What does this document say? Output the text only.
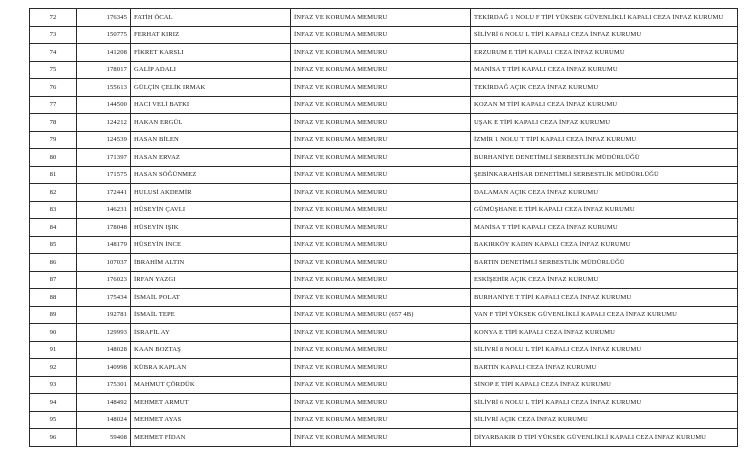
72	176345	FATİH ÖCAL	İNFAZ VE KORUMA MEMURU	TEKİRDAĞ 1 NOLU F TİPİ YÜKSEK GÜVENLİKLİ KAPALI CEZA İNFAZ KURUMU
73	150775	FERHAT KIRIZ	İNFAZ VE KORUMA MEMURU	SİLİVRİ 6 NOLU L TİPİ KAPALI CEZA İNFAZ KURUMU
74	141208	FİKRET KARSLI	İNFAZ VE KORUMA MEMURU	ERZURUM E TİPİ KAPALI CEZA İNFAZ KURUMU
75	178017	GALİP ADALI	İNFAZ VE KORUMA MEMURU	MANİSA T TİPİ KAPALI CEZA İNFAZ KURUMU
76	155613	GÜLÇİN ÇELİK IRMAK	İNFAZ VE KORUMA MEMURU	TEKİRDAĞ AÇIK CEZA İNFAZ KURUMU
77	144500	HACI VELİ BATKI	İNFAZ VE KORUMA MEMURU	KOZAN M TİPİ KAPALI CEZA İNFAZ KURUMU
78	124212	HAKAN ERGÜL	İNFAZ VE KORUMA MEMURU	UŞAK E TİPİ KAPALI CEZA İNFAZ KURUMU
79	124539	HASAN BİLEN	İNFAZ VE KORUMA MEMURU	İZMİR 1 NOLU T TİPİ KAPALI CEZA İNFAZ KURUMU
80	171397	HASAN ERVAZ	İNFAZ VE KORUMA MEMURU	BURHANİYE DENETİMLİ SERBESTLİK MÜDÜRLÜĞÜ
81	171575	HASAN SÖĞÜNMEZ	İNFAZ VE KORUMA MEMURU	ŞEBİNKARAHİSAR DENETİMLİ SERBESTLİK MÜDÜRLÜĞÜ
82	172441	HULUSİ AKDEMİR	İNFAZ VE KORUMA MEMURU	DALAMAN AÇIK CEZA İNFAZ KURUMU
83	146231	HÜSEYİN ÇAVLI	İNFAZ VE KORUMA MEMURU	GÜMÜŞHANE E TİPİ KAPALI CEZA İNFAZ KURUMU
84	178048	HÜSEYİN IŞIK	İNFAZ VE KORUMA MEMURU	MANİSA T TİPİ KAPALI CEZA İNFAZ KURUMU
85	148179	HÜSEYİN İNCE	İNFAZ VE KORUMA MEMURU	BAKIRKÖY KADIN KAPALI CEZA İNFAZ KURUMU
86	107037	İBRAHİM ALTIN	İNFAZ VE KORUMA MEMURU	BARTIN DENETİMLİ SERBESTLİK MÜDÜRLÜĞÜ
87	176023	İRFAN YAZGI	İNFAZ VE KORUMA MEMURU	ESKİŞEHİR AÇIK CEZA İNFAZ KURUMU
88	175434	İSMAİL POLAT	İNFAZ VE KORUMA MEMURU	BURHANİYE T TİPİ KAPALI CEZA İNFAZ KURUMU
89	192781	İSMAİL TEPE	İNFAZ VE KORUMA MEMURU (657 4B)	VAN F TİPİ YÜKSEK GÜVENLİKLİ KAPALI CEZA İNFAZ KURUMU
90	129993	İSRAFİL AY	İNFAZ VE KORUMA MEMURU	KONYA E TİPİ KAPALI CEZA İNFAZ KURUMU
91	148028	KAAN BOZTAŞ	İNFAZ VE KORUMA MEMURU	SİLİVRİ 8 NOLU L TİPİ KAPALI CEZA İNFAZ KURUMU
92	140998	KÜBRA KAPLAN	İNFAZ VE KORUMA MEMURU	BARTIN KAPALI CEZA İNFAZ KURUMU
93	175301	MAHMUT ÇÖRDÜK	İNFAZ VE KORUMA MEMURU	SİNOP E TİPİ KAPALI CEZA İNFAZ KURUMU
94	148492	MEHMET ARMUT	İNFAZ VE KORUMA MEMURU	SİLİVRİ 6 NOLU L TİPİ KAPALI CEZA İNFAZ KURUMU
95	148024	MEHMET AYAS	İNFAZ VE KORUMA MEMURU	SİLİVRİ AÇIK CEZA İNFAZ KURUMU
96	59408	MEHMET FİDAN	İNFAZ VE KORUMA MEMURU	DİYARBAKIR D TİPİ YÜKSEK GÜVENLİKLİ KAPALI CEZA İNFAZ KURUMU
